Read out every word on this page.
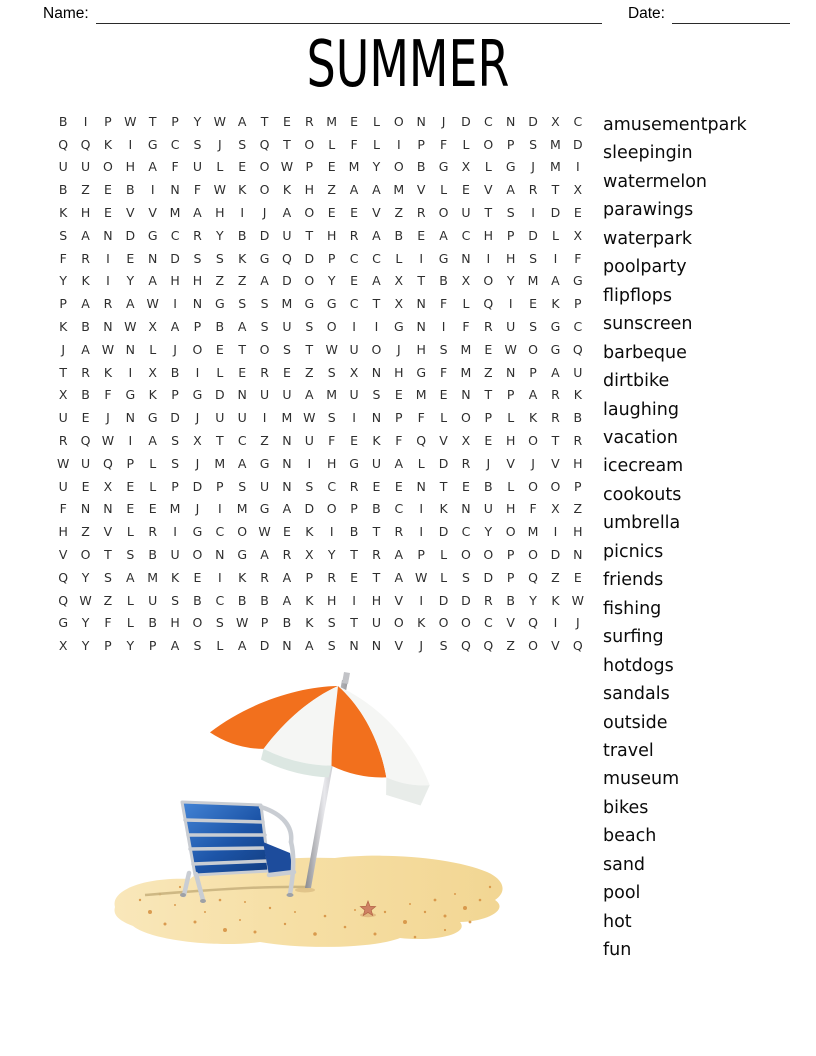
Name:	Date:
SUMMER
B	I	P W T	P	Y W A	T	E	R	M	E	L	O	N	J	D	C	N	D	X	C
Q	Q	K	I	G	C	S	J	S	Q	T	O	L	F	L	I	P	F	L	O	P	S	M D
U	U	O	H	A	F	U	L	E	O W P	E	M	Y	O	B	G	X	L	G	J	M	I
B	Z	E	B	I	N	F	W K	O	K	H	Z	A	A	M	V	L	E	V	A	R	T	X
K	H	E	V	V	M	A	H	I	J	A	O	E	E	V	Z	R	O	U	T	S	I	D	E
S	A	N	D	G	C	R	Y	B	D	U	T	H	R	A	B	E	A	C	H	P	D	L	X
F	R	I	E	N	D	S	S	K	G	Q	D	P	C	C	L	I	G	N	I	H	S	I	F
Y	K	I	Y	A	H	H	Z	Z	A	D	O	Y	E	A	X	T	B	X	O	Y	M	A	G
P	A	R	A W	I	N	G	S	S	M G	G	C	T	X	N	F	L	Q	I	E	K	P
K	B	N W X	A	P	B	A	S	U	S	O	I	I	G	N	I	F	R	U	S	G	C
J	A W N	L	J	O	E	T	O	S	T W U	O	J	H	S	M	E W O	G	Q
T	R	K	I	X	B	I	L	E	R	E	Z	S	X	N	H	G	F	M	Z	N	P	A	U
X	B	F	G	K	P	G	D	N	U	U	A	M U	S	E	M	E	N	T	P	A	R	K
U	E	J	N	G	D	J	U	U	I	M W S	I	N	P	F	L	O	P	L	K	R	B
R	Q W	I	A	S	X	T	C	Z	N	U	F	E	K	F	Q	V	X	E	H	O	T	R
W U	Q	P	L	S	J	M	A	G	N	I	H	G	U	A	L	D	R	J	V	J	V	H
U	E	X	E	L	P	D	P	S	U	N	S	C	R	E	E	N	T	E	B	L	O	O	P
F	N	N	E	E	M	J	I	M G	A	D	O	P	B	C	I	K	N	U	H	F	X	Z
H	Z	V	L	R	I	G	C	O W E	K	I	B	T	R	I	D	C	Y	O M	I	H
V	O	T	S	B	U	O	N	G	A	R	X	Y	T	R	A	P	L	O	O	P	O	D	N
Q	Y	S	A	M	K	E	I	K	R	A	P	R	E	T	A W	L	S	D	P	Q	Z	E
Q W Z	L	U	S	B	C	B	B	A	K	H	I	H	V	I	D	D	R	B	Y	K W
G	Y	F	L	B	H	O	S W P	B	K	S	T	U	O	K	O	O	C	V	Q	I	J
X	Y	P	Y	P	A	S	L	A	D	N	A	S	N	N	V	J	S	Q	Q	Z	O	V	Q
amusementpark
sleepingin
watermelon
parawings
waterpark
poolparty
flipflops
sunscreen
barbeque
dirtbike
laughing
vacation
icecream
cookouts
umbrella
picnics
friends
fishing
surfing
hotdogs
sandals
outside
travel
museum
bikes
beach
sand
pool
hot
fun
